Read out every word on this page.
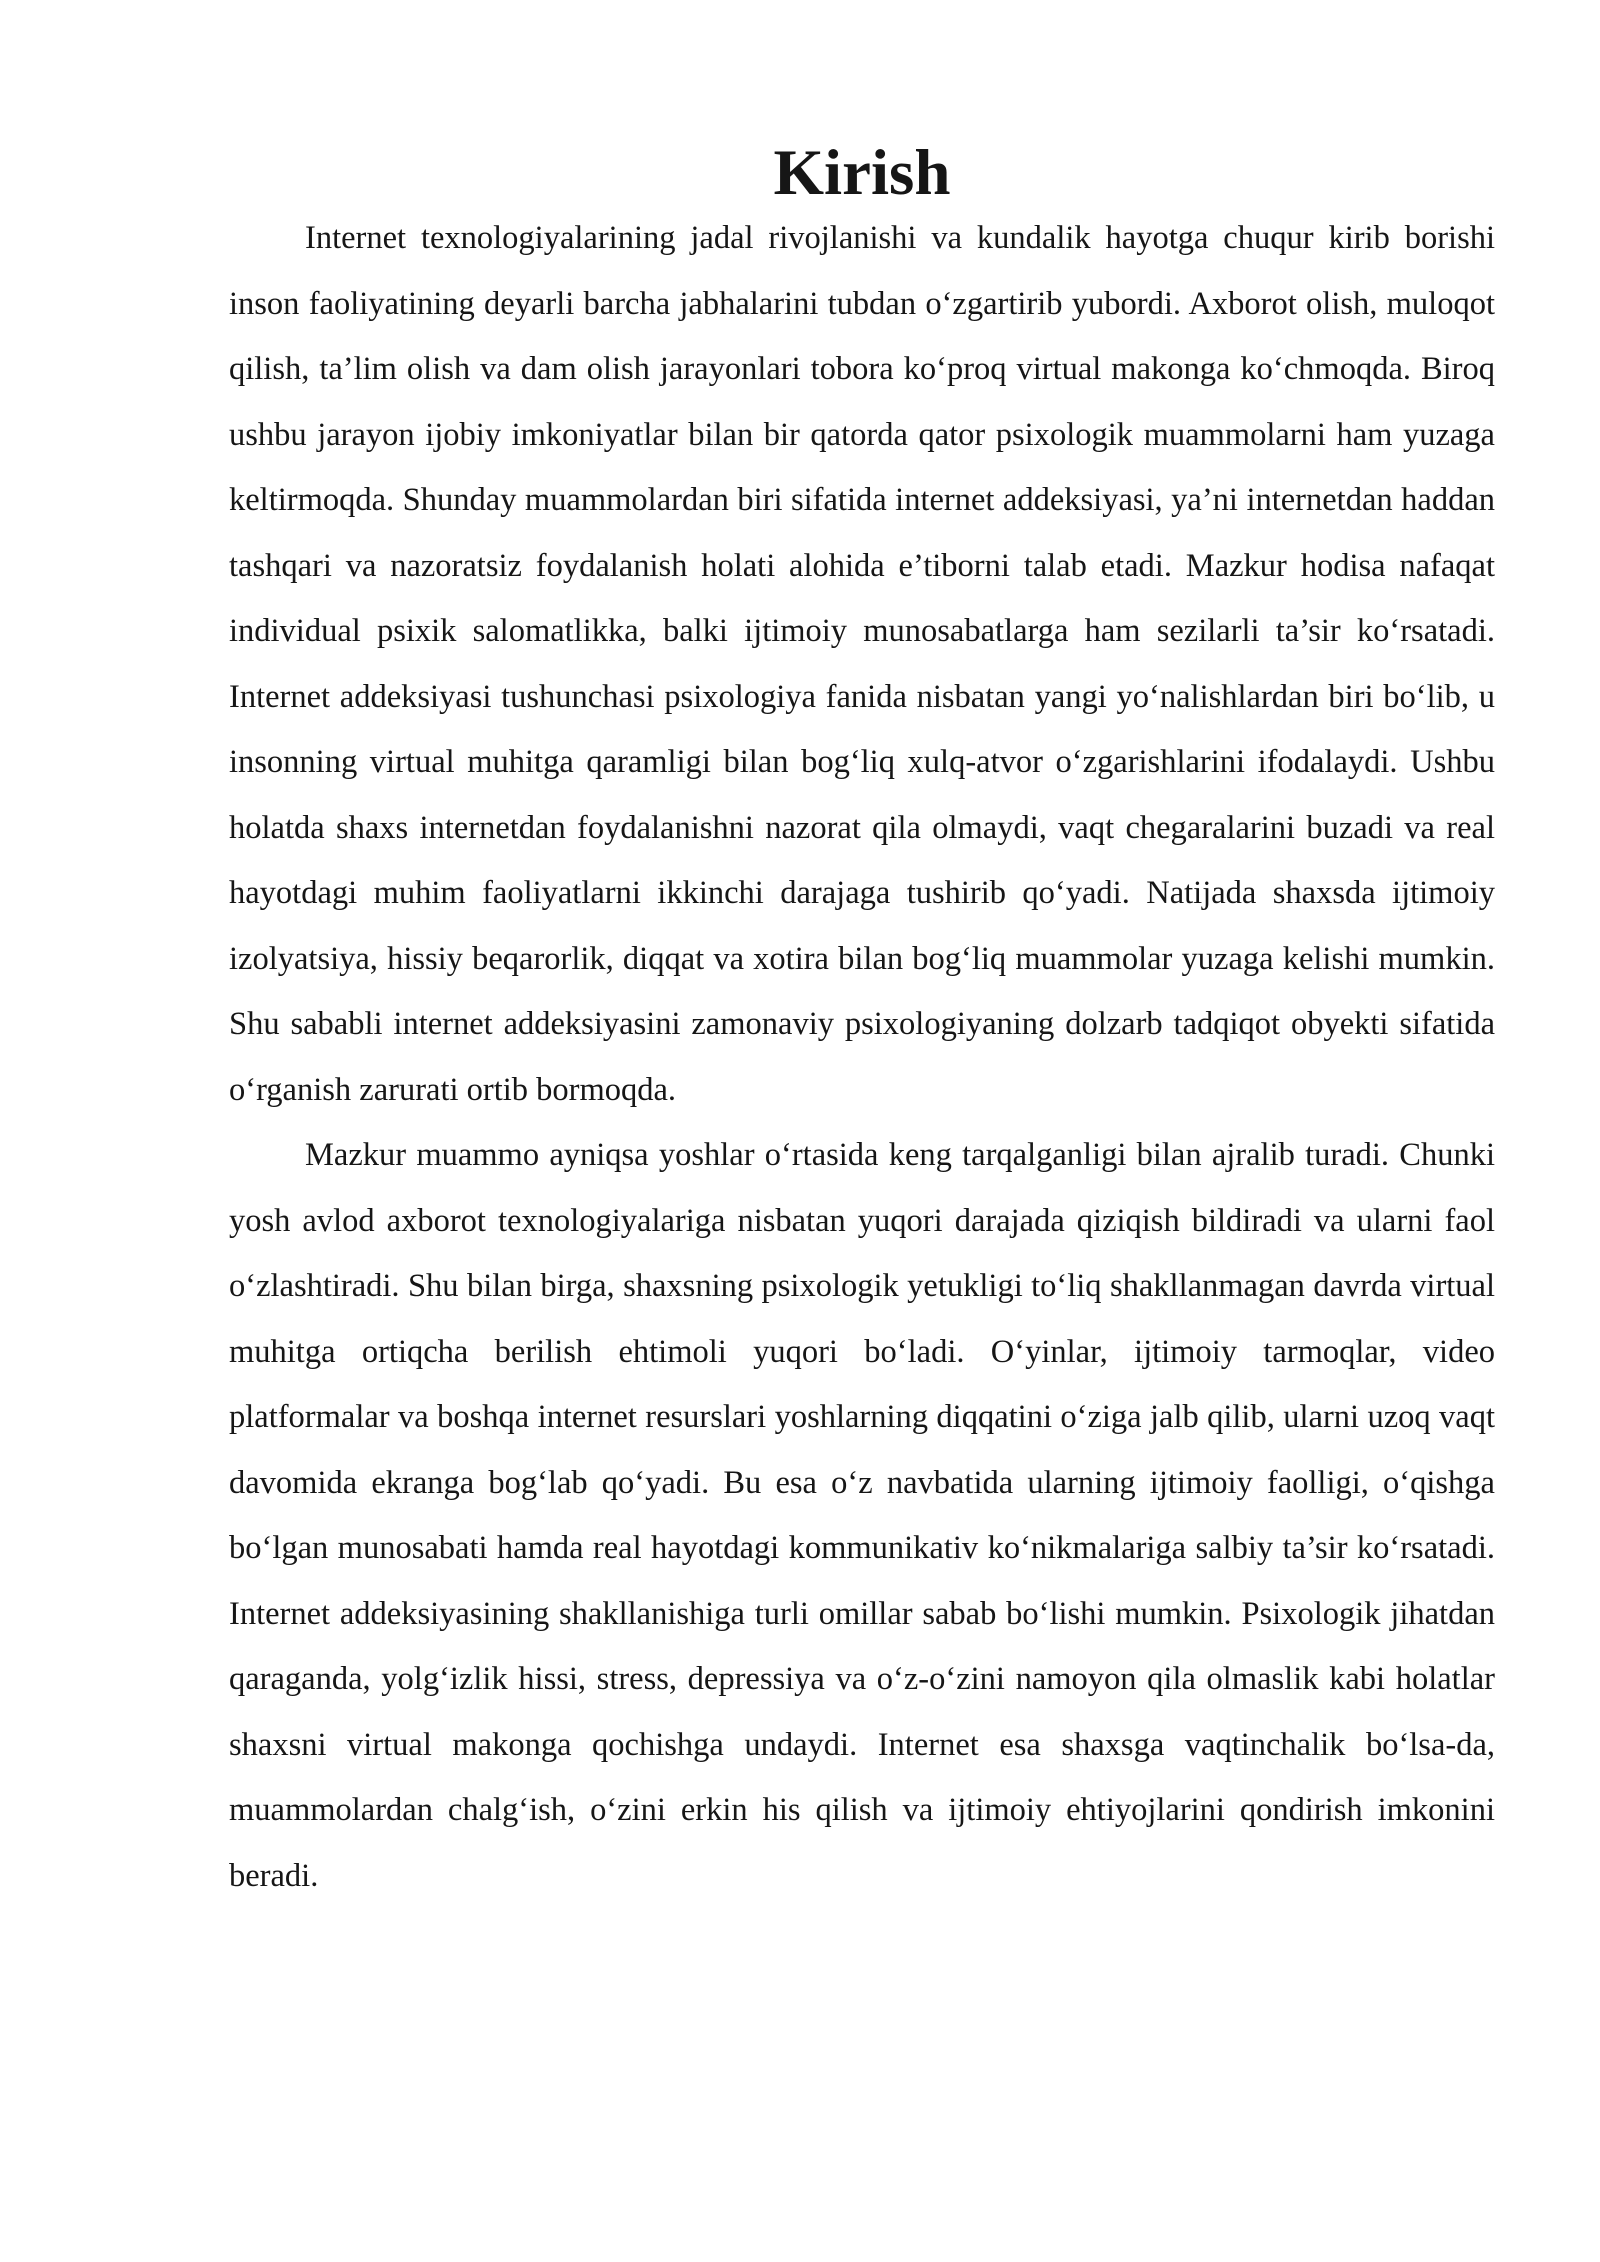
Kirish

Internet texnologiyalarining jadal rivojlanishi va kundalik hayotga chuqur kirib borishi inson faoliyatining deyarli barcha jabhalarini tubdan o‘zgartirib yubordi. Axborot olish, muloqot qilish, ta’lim olish va dam olish jarayonlari tobora ko‘proq virtual makonga ko‘chmoqda. Biroq ushbu jarayon ijobiy imkoniyatlar bilan bir qatorda qator psixologik muammolarni ham yuzaga keltirmoqda. Shunday muammolardan biri sifatida internet addeksiyasi, ya’ni internetdan haddan tashqari va nazoratsiz foydalanish holati alohida e’tiborni talab etadi. Mazkur hodisa nafaqat individual psixik salomatlikka, balki ijtimoiy munosabatlarga ham sezilarli ta’sir ko‘rsatadi. Internet addeksiyasi tushunchasi psixologiya fanida nisbatan yangi yo‘nalishlardan biri bo‘lib, u insonning virtual muhitga qaramligi bilan bog‘liq xulq-atvor o‘zgarishlarini ifodalaydi. Ushbu holatda shaxs internetdan foydalanishni nazorat qila olmaydi, vaqt chegaralarini buzadi va real hayotdagi muhim faoliyatlarni ikkinchi darajaga tushirib qo‘yadi. Natijada shaxsda ijtimoiy izolyatsiya, hissiy beqarorlik, diqqat va xotira bilan bog‘liq muammolar yuzaga kelishi mumkin. Shu sababli internet addeksiyasini zamonaviy psixologiyaning dolzarb tadqiqot obyekti sifatida o‘rganish zarurati ortib bormoqda.

Mazkur muammo ayniqsa yoshlar o‘rtasida keng tarqalganligi bilan ajralib turadi. Chunki yosh avlod axborot texnologiyalariga nisbatan yuqori darajada qiziqish bildiradi va ularni faol o‘zlashtiradi. Shu bilan birga, shaxsning psixologik yetukligi to‘liq shakllanmagan davrda virtual muhitga ortiqcha berilish ehtimoli yuqori bo‘ladi. O‘yinlar, ijtimoiy tarmoqlar, video platformalar va boshqa internet resurslari yoshlarning diqqatini o‘ziga jalb qilib, ularni uzoq vaqt davomida ekranga bog‘lab qo‘yadi. Bu esa o‘z navbatida ularning ijtimoiy faolligi, o‘qishga bo‘lgan munosabati hamda real hayotdagi kommunikativ ko‘nikmalariga salbiy ta’sir ko‘rsatadi. Internet addeksiyasining shakllanishiga turli omillar sabab bo‘lishi mumkin. Psixologik jihatdan qaraganda, yolg‘izlik hissi, stress, depressiya va o‘z-o‘zini namoyon qila olmaslik kabi holatlar shaxsni virtual makonga qochishga undaydi. Internet esa shaxsga vaqtinchalik bo‘lsa-da, muammolardan chalg‘ish, o‘zini erkin his qilish va ijtimoiy ehtiyojlarini qondirish imkonini beradi.
